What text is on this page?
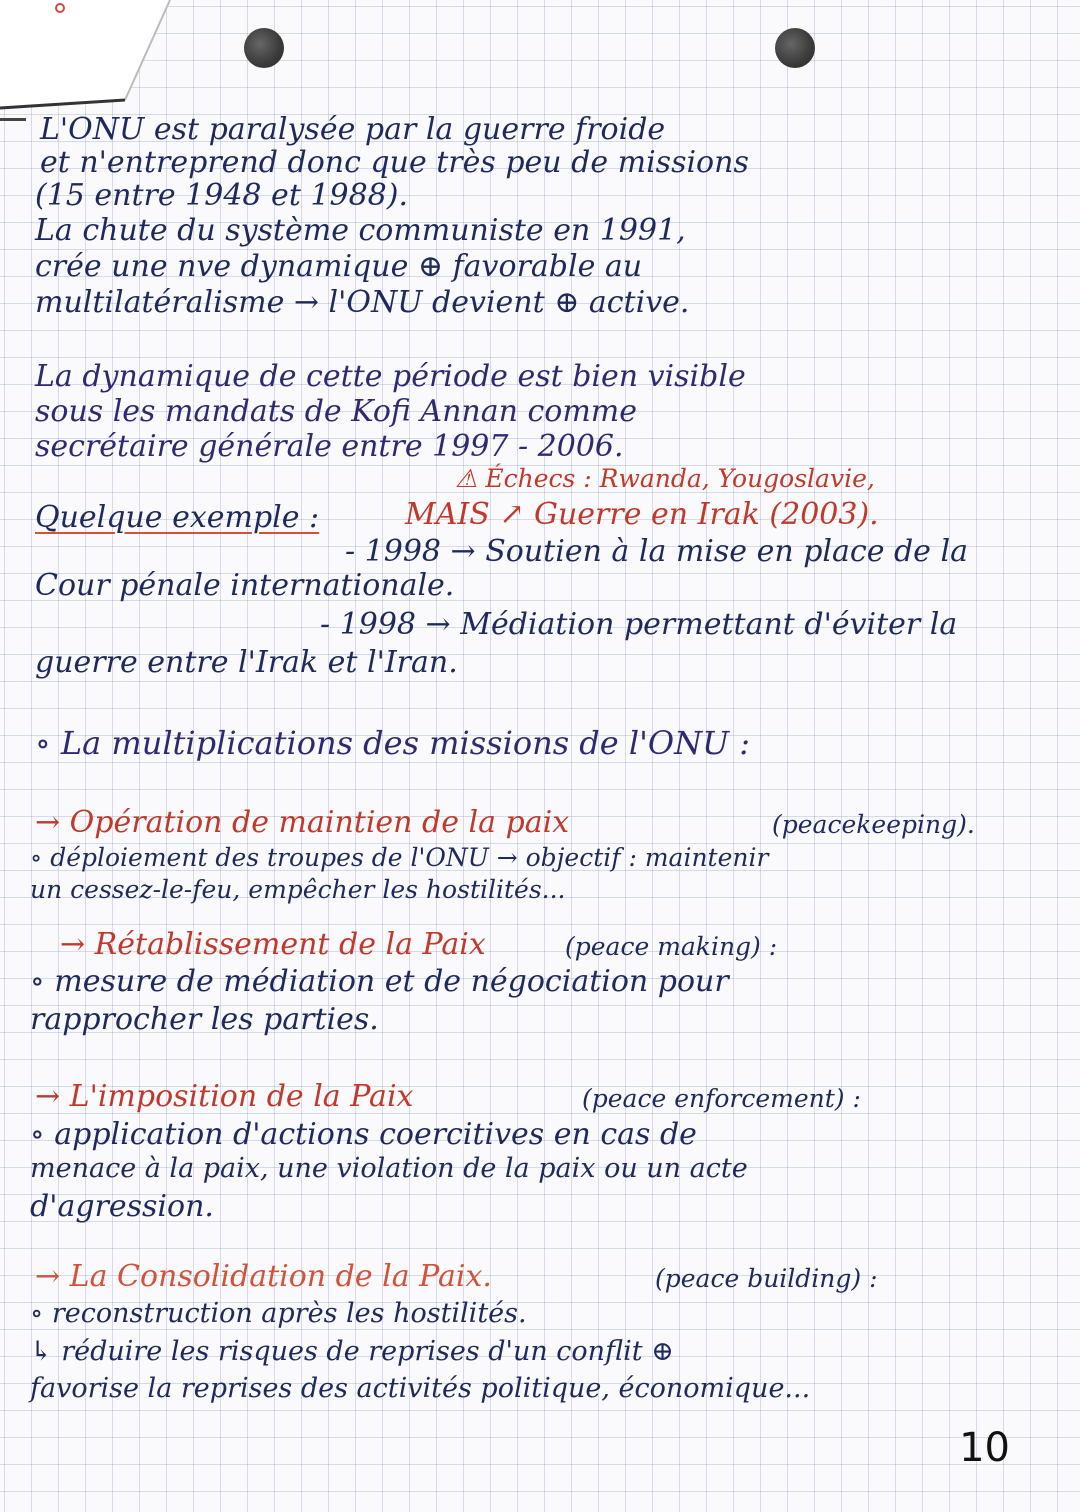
L'ONU est paralysée par la guerre froide
et n'entreprend donc que très peu de missions
(15 entre 1948 et 1988).
La chute du système communiste en 1991,
crée une nve dynamique ⊕ favorable au
multilatéralisme → l'ONU devient ⊕ active.
La dynamique de cette période est bien visible
sous les mandats de Kofi Annan comme
secrétaire générale entre 1997 - 2006.
⚠ Échecs : Rwanda, Yougoslavie,
Quelque exemple :	MAIS ↗ Guerre en Irak (2003).
- 1998 → Soutien à la mise en place de la
Cour pénale internationale.
- 1998 → Médiation permettant d'éviter la
guerre entre l'Irak et l'Iran.
∘ La multiplications des missions de l'ONU :
→ Opération de maintien de la paix	(peacekeeping).
∘ déploiement des troupes de l'ONU → objectif : maintenir
un cessez-le-feu, empêcher les hostilités...
→ Rétablissement de la Paix	(peace making) :
∘ mesure de médiation et de négociation pour
rapprocher les parties.
→ L'imposition de la Paix	(peace enforcement) :
∘ application d'actions coercitives en cas de
menace à la paix, une violation de la paix ou un acte
d'agression.
→ La Consolidation de la Paix.	(peace building) :
∘ reconstruction après les hostilités.
↳ réduire les risques de reprises d'un conflit ⊕
favorise la reprises des activités politique, économique...
10
